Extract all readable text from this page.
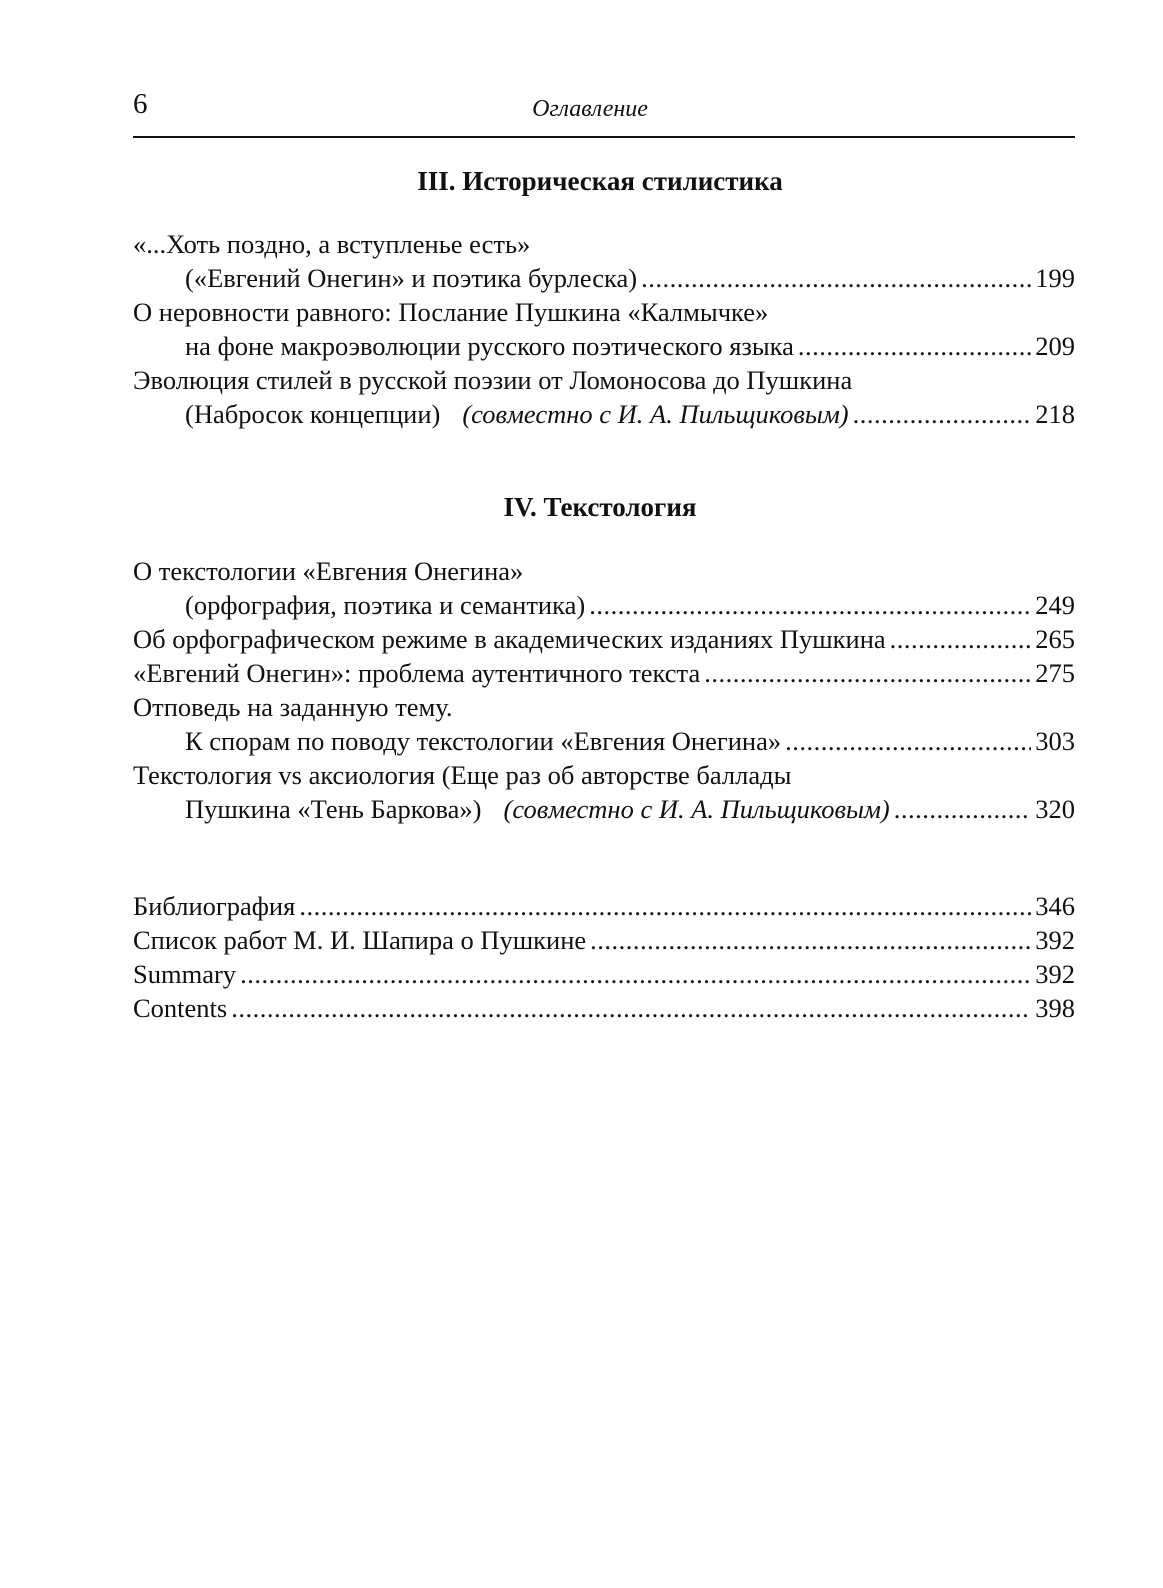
6	Оглавление
III. Историческая стилистика
«...Хоть поздно, а вступленье есть»
(«Евгений Онегин» и поэтика бурлеска) .....	199
О неровности равного: Послание Пушкина «Калмычке»
на фоне макроэволюции русского поэтического языка .....	209
Эволюция стилей в русской поэзии от Ломоносова до Пушкина
(Набросок концепции) (совместно с И. А. Пильщиковым) .....	218
IV. Текстология
О текстологии «Евгения Онегина»
(орфография, поэтика и семантика) .....	249
Об орфографическом режиме в академических изданиях Пушкина .....	265
«Евгений Онегин»: проблема аутентичного текста .....	275
Отповедь на заданную тему.
К спорам по поводу текстологии «Евгения Онегина» .....	303
Текстология vs аксиология (Еще раз об авторстве баллады
Пушкина «Тень Баркова») (совместно с И. А. Пильщиковым) .....	320
Библиография .....	346
Список работ М. И. Шапира о Пушкине .....	392
Summary .....	392
Contents .....	398
